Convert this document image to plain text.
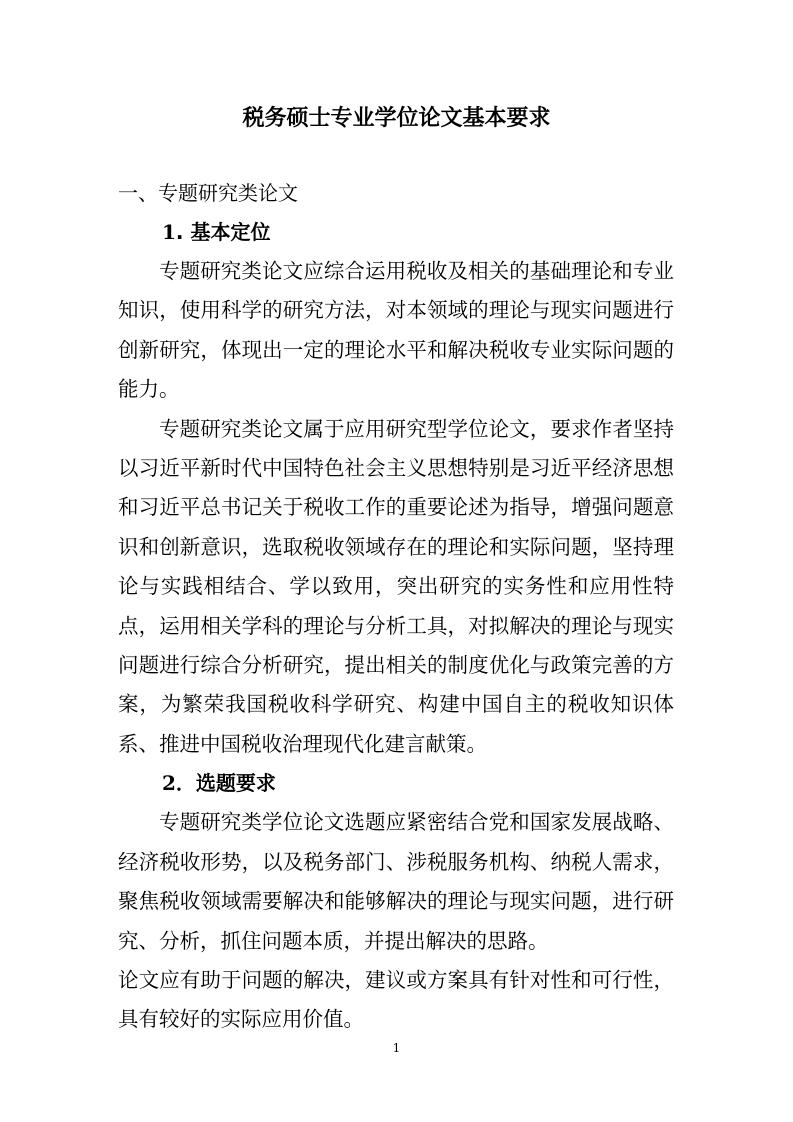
税务硕士专业学位论文基本要求

一、专题研究类论文

1. 基本定位

专题研究类论文应综合运用税收及相关的基础理论和专业知识，使用科学的研究方法，对本领域的理论与现实问题进行创新研究，体现出一定的理论水平和解决税收专业实际问题的能力。

专题研究类论文属于应用研究型学位论文，要求作者坚持以习近平新时代中国特色社会主义思想特别是习近平经济思想和习近平总书记关于税收工作的重要论述为指导，增强问题意识和创新意识，选取税收领域存在的理论和实际问题，坚持理论与实践相结合、学以致用，突出研究的实务性和应用性特点，运用相关学科的理论与分析工具，对拟解决的理论与现实问题进行综合分析研究，提出相关的制度优化与政策完善的方案，为繁荣我国税收科学研究、构建中国自主的税收知识体系、推进中国税收治理现代化建言献策。

2．选题要求

专题研究类学位论文选题应紧密结合党和国家发展战略、经济税收形势，以及税务部门、涉税服务机构、纳税人需求，聚焦税收领域需要解决和能够解决的理论与现实问题，进行研究、分析，抓住问题本质，并提出解决的思路。

论文应有助于问题的解决，建议或方案具有针对性和可行性，具有较好的实际应用价值。

1
